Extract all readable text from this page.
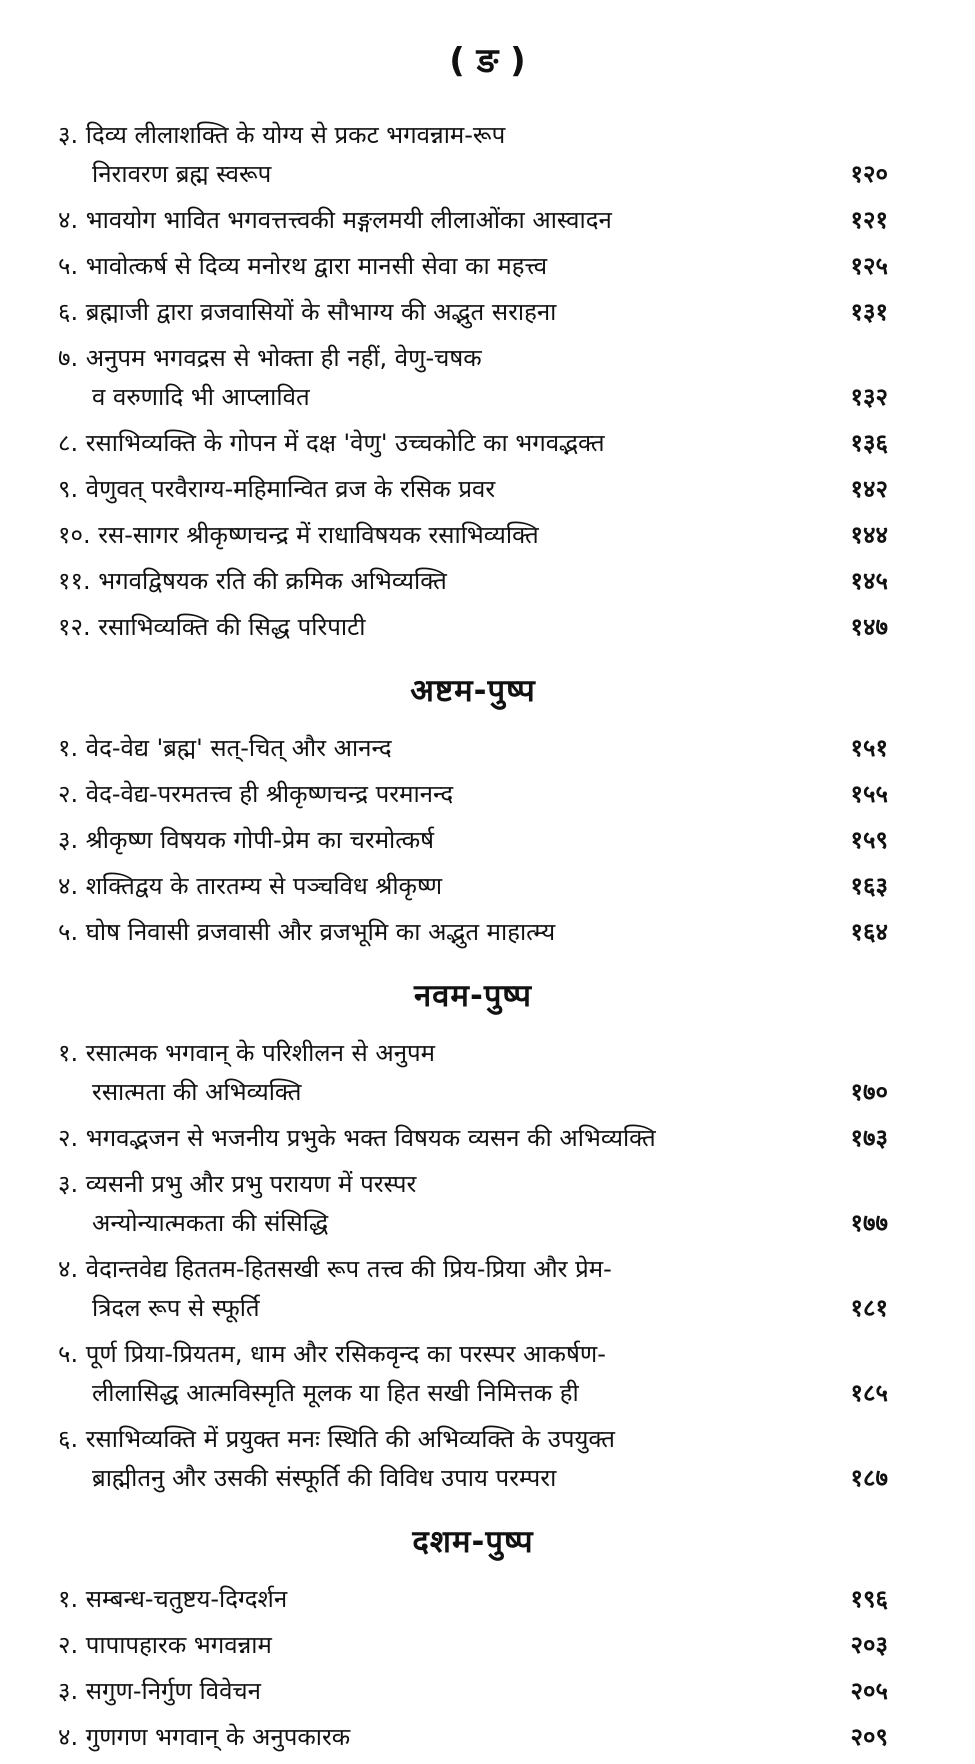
( ङ )
३. दिव्य लीलाशक्ति के योग्य से प्रकट भगवन्नाम-रूप
निरावरण ब्रह्म स्वरूप	१२०
४. भावयोग भावित भगवत्तत्त्वकी मङ्गलमयी लीलाओंका आस्वादन	१२१
५. भावोत्कर्ष से दिव्य मनोरथ द्वारा मानसी सेवा का महत्त्व	१२५
६. ब्रह्माजी द्वारा व्रजवासियों के सौभाग्य की अद्भुत सराहना	१३१
७. अनुपम भगवद्रस से भोक्ता ही नहीं, वेणु-चषक
व वरुणादि भी आप्लावित	१३२
८. रसाभिव्यक्ति के गोपन में दक्ष 'वेणु' उच्चकोटि का भगवद्भक्त	१३६
९. वेणुवत् परवैराग्य-महिमान्वित व्रज के रसिक प्रवर	१४२
१०. रस-सागर श्रीकृष्णचन्द्र में राधाविषयक रसाभिव्यक्ति	१४४
११. भगवद्विषयक रति की क्रमिक अभिव्यक्ति	१४५
१२. रसाभिव्यक्ति की सिद्ध परिपाटी	१४७
अष्टम-पुष्प
१. वेद-वेद्य 'ब्रह्म' सत्-चित् और आनन्द	१५१
२. वेद-वेद्य-परमतत्त्व ही श्रीकृष्णचन्द्र परमानन्द	१५५
३. श्रीकृष्ण विषयक गोपी-प्रेम का चरमोत्कर्ष	१५९
४. शक्तिद्वय के तारतम्य से पञ्चविध श्रीकृष्ण	१६३
५. घोष निवासी व्रजवासी और व्रजभूमि का अद्भुत माहात्म्य	१६४
नवम-पुष्प
१. रसात्मक भगवान् के परिशीलन से अनुपम
रसात्मता की अभिव्यक्ति	१७०
२. भगवद्भजन से भजनीय प्रभुके भक्त विषयक व्यसन की अभिव्यक्ति	१७३
३. व्यसनी प्रभु और प्रभु परायण में परस्पर
अन्योन्यात्मकता की संसिद्धि	१७७
४. वेदान्तवेद्य हिततम-हितसखी रूप तत्त्व की प्रिय-प्रिया और प्रेम-
त्रिदल रूप से स्फूर्ति	१८१
५. पूर्ण प्रिया-प्रियतम, धाम और रसिकवृन्द का परस्पर आकर्षण-
लीलासिद्ध आत्मविस्मृति मूलक या हित सखी निमित्तक ही	१८५
६. रसाभिव्यक्ति में प्रयुक्त मनः स्थिति की अभिव्यक्ति के उपयुक्त
ब्राह्मीतनु और उसकी संस्फूर्ति की विविध उपाय परम्परा	१८७
दशम-पुष्प
१. सम्बन्ध-चतुष्टय-दिग्दर्शन	१९६
२. पापापहारक भगवन्नाम	२०३
३. सगुण-निर्गुण विवेचन	२०५
४. गुणगण भगवान् के अनुपकारक	२०९
